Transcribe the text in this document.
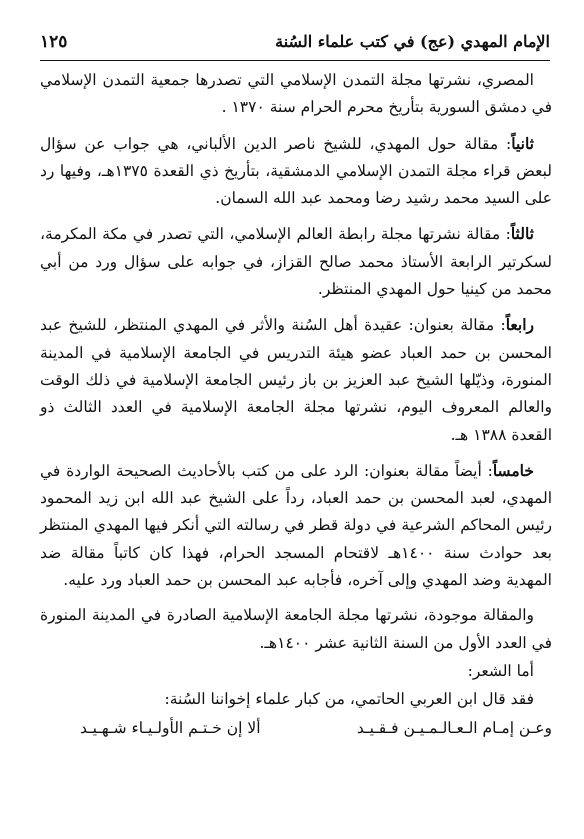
الإمام المهدي (عج) في كتب علماء السُنة
١٢٥

المصري، نشرتها مجلة التمدن الإسلامي التي تصدرها جمعية التمدن الإسلامي في دمشق السورية بتأريخ محرم الحرام سنة ١٣٧٠ .

ثانياً: مقالة حول المهدي، للشيخ ناصر الدين الألباني، هي جواب عن سؤال لبعض قراء مجلة التمدن الإسلامي الدمشقية، بتأريخ ذي القعدة ١٣٧٥هـ، وفيها رد على السيد محمد رشيد رضا ومحمد عبد الله السمان.

ثالثاً: مقالة نشرتها مجلة رابطة العالم الإسلامي، التي تصدر في مكة المكرمة، لسكرتير الرابعة الأستاذ محمد صالح القزاز، في جوابه على سؤال ورد من أبي محمد من كينيا حول المهدي المنتظر.

رابعاً: مقالة بعنوان: عقيدة أهل السُنة والأثر في المهدي المنتظر، للشيخ عبد المحسن بن حمد العباد عضو هيئة التدريس في الجامعة الإسلامية في المدينة المنورة، وذيّلها الشيخ عبد العزيز بن باز رئيس الجامعة الإسلامية في ذلك الوقت والعالم المعروف اليوم، نشرتها مجلة الجامعة الإسلامية في العدد الثالث ذو القعدة ١٣٨٨ هـ.

خامساً: أيضاً مقالة بعنوان: الرد على من كتب بالأحاديث الصحيحة الواردة في المهدي، لعبد المحسن بن حمد العباد، رداً على الشيخ عبد الله ابن زيد المحمود رئيس المحاكم الشرعية في دولة قطر في رسالته التي أنكر فيها المهدي المنتظر بعد حوادث سنة ١٤٠٠هـ لاقتحام المسجد الحرام، فهذا كان كاتباً مقالة ضد المهدية وضد المهدي وإلى آخره، فأجابه عبد المحسن بن حمد العباد ورد عليه.

والمقالة موجودة، نشرتها مجلة الجامعة الإسلامية الصادرة في المدينة المنورة في العدد الأول من السنة الثانية عشر ١٤٠٠هـ.

أما الشعر:

فقد قال ابن العربي الحاتمي، من كبار علماء إخواننا السُنة:

وعـن إمـام الـعـالـمـيـن فـقـيـد
ألا إن خـتـم الأولـيـاء شـهـيـد
